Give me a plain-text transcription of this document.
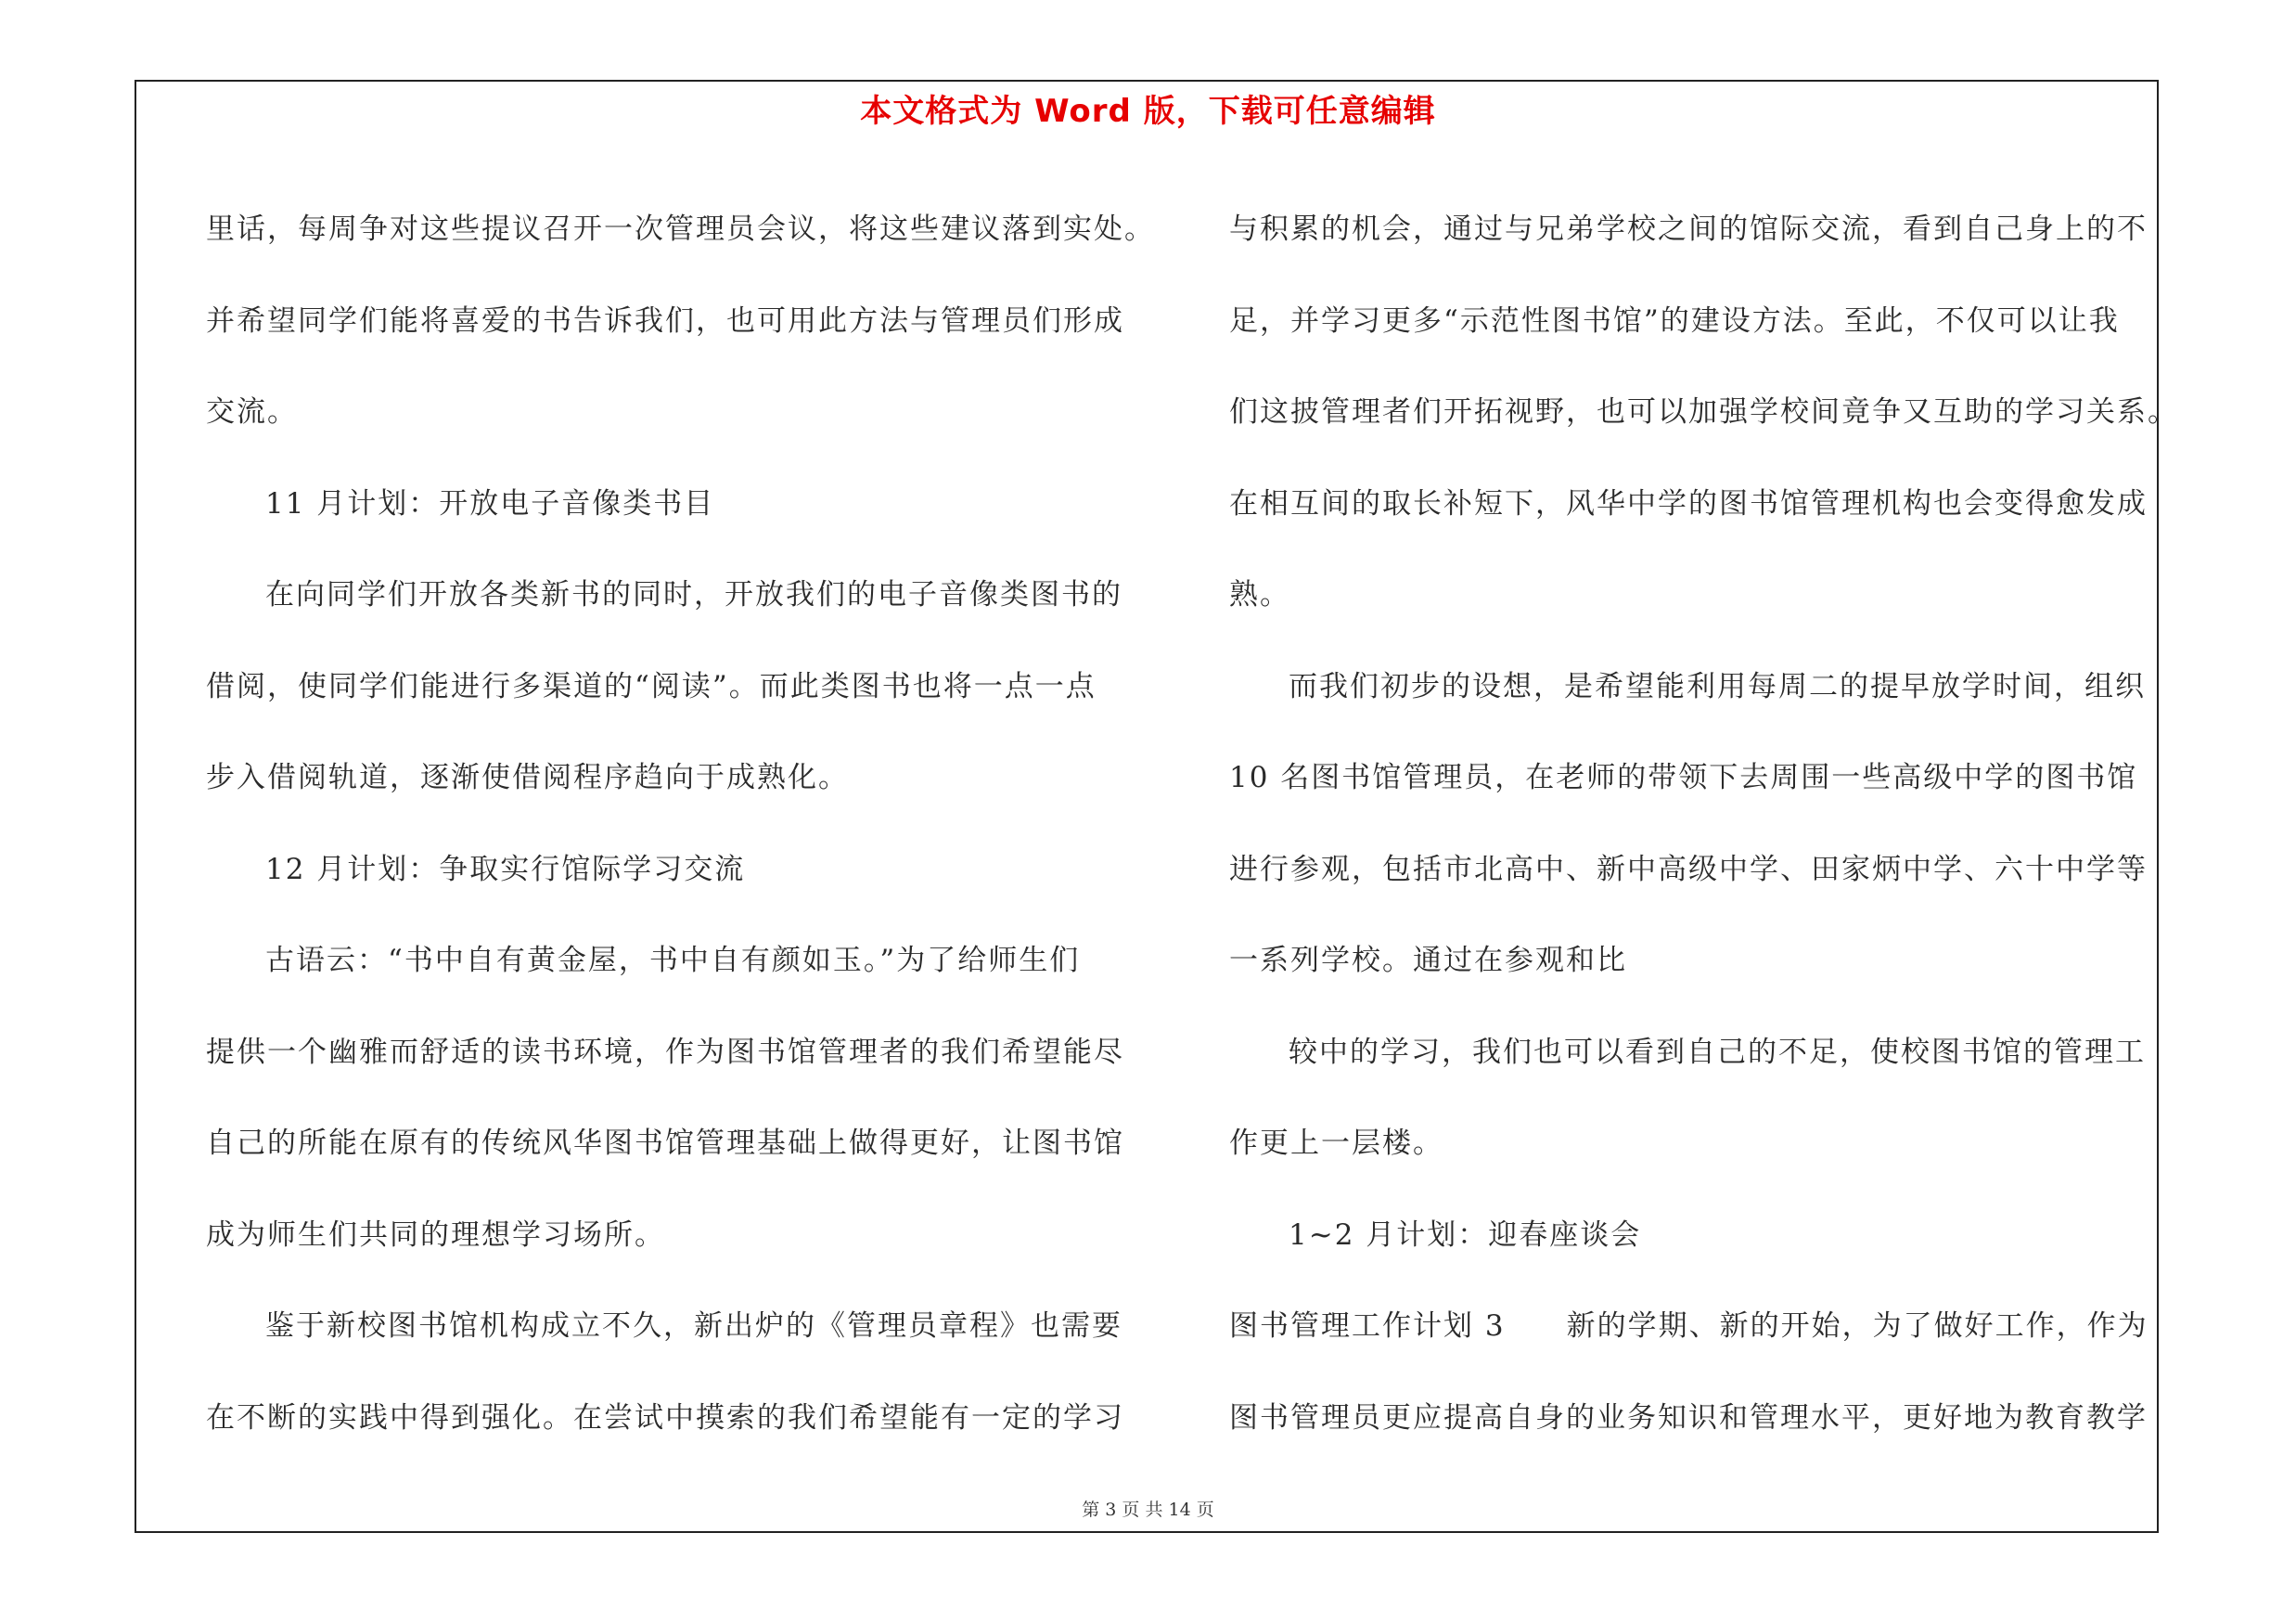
本文格式为 Word 版，下载可任意编辑

里话，每周争对这些提议召开一次管理员会议，将这些建议落到实处。

并希望同学们能将喜爱的书告诉我们，也可用此方法与管理员们形成

交流。

11 月计划：开放电子音像类书目

在向同学们开放各类新书的同时，开放我们的电子音像类图书的

借阅，使同学们能进行多渠道的“阅读”。而此类图书也将一点一点

步入借阅轨道，逐渐使借阅程序趋向于成熟化。

12 月计划：争取实行馆际学习交流

古语云：“书中自有黄金屋，书中自有颜如玉。”为了给师生们

提供一个幽雅而舒适的读书环境，作为图书馆管理者的我们希望能尽

自己的所能在原有的传统风华图书馆管理基础上做得更好，让图书馆

成为师生们共同的理想学习场所。

鉴于新校图书馆机构成立不久，新出炉的《管理员章程》也需要

在不断的实践中得到强化。在尝试中摸索的我们希望能有一定的学习

与积累的机会，通过与兄弟学校之间的馆际交流，看到自己身上的不

足，并学习更多“示范性图书馆”的建设方法。至此，不仅可以让我

们这披管理者们开拓视野，也可以加强学校间竟争又互助的学习关系。

在相互间的取长补短下，风华中学的图书馆管理机构也会变得愈发成

熟。

而我们初步的设想，是希望能利用每周二的提早放学时间，组织

10 名图书馆管理员，在老师的带领下去周围一些高级中学的图书馆

进行参观，包括市北高中、新中高级中学、田家炳中学、六十中学等

一系列学校。通过在参观和比

较中的学习，我们也可以看到自己的不足，使校图书馆的管理工

作更上一层楼。

1~2 月计划：迎春座谈会

图书管理工作计划 3　　新的学期、新的开始，为了做好工作，作为

图书管理员更应提高自身的业务知识和管理水平，更好地为教育教学

第 3 页 共 14 页
